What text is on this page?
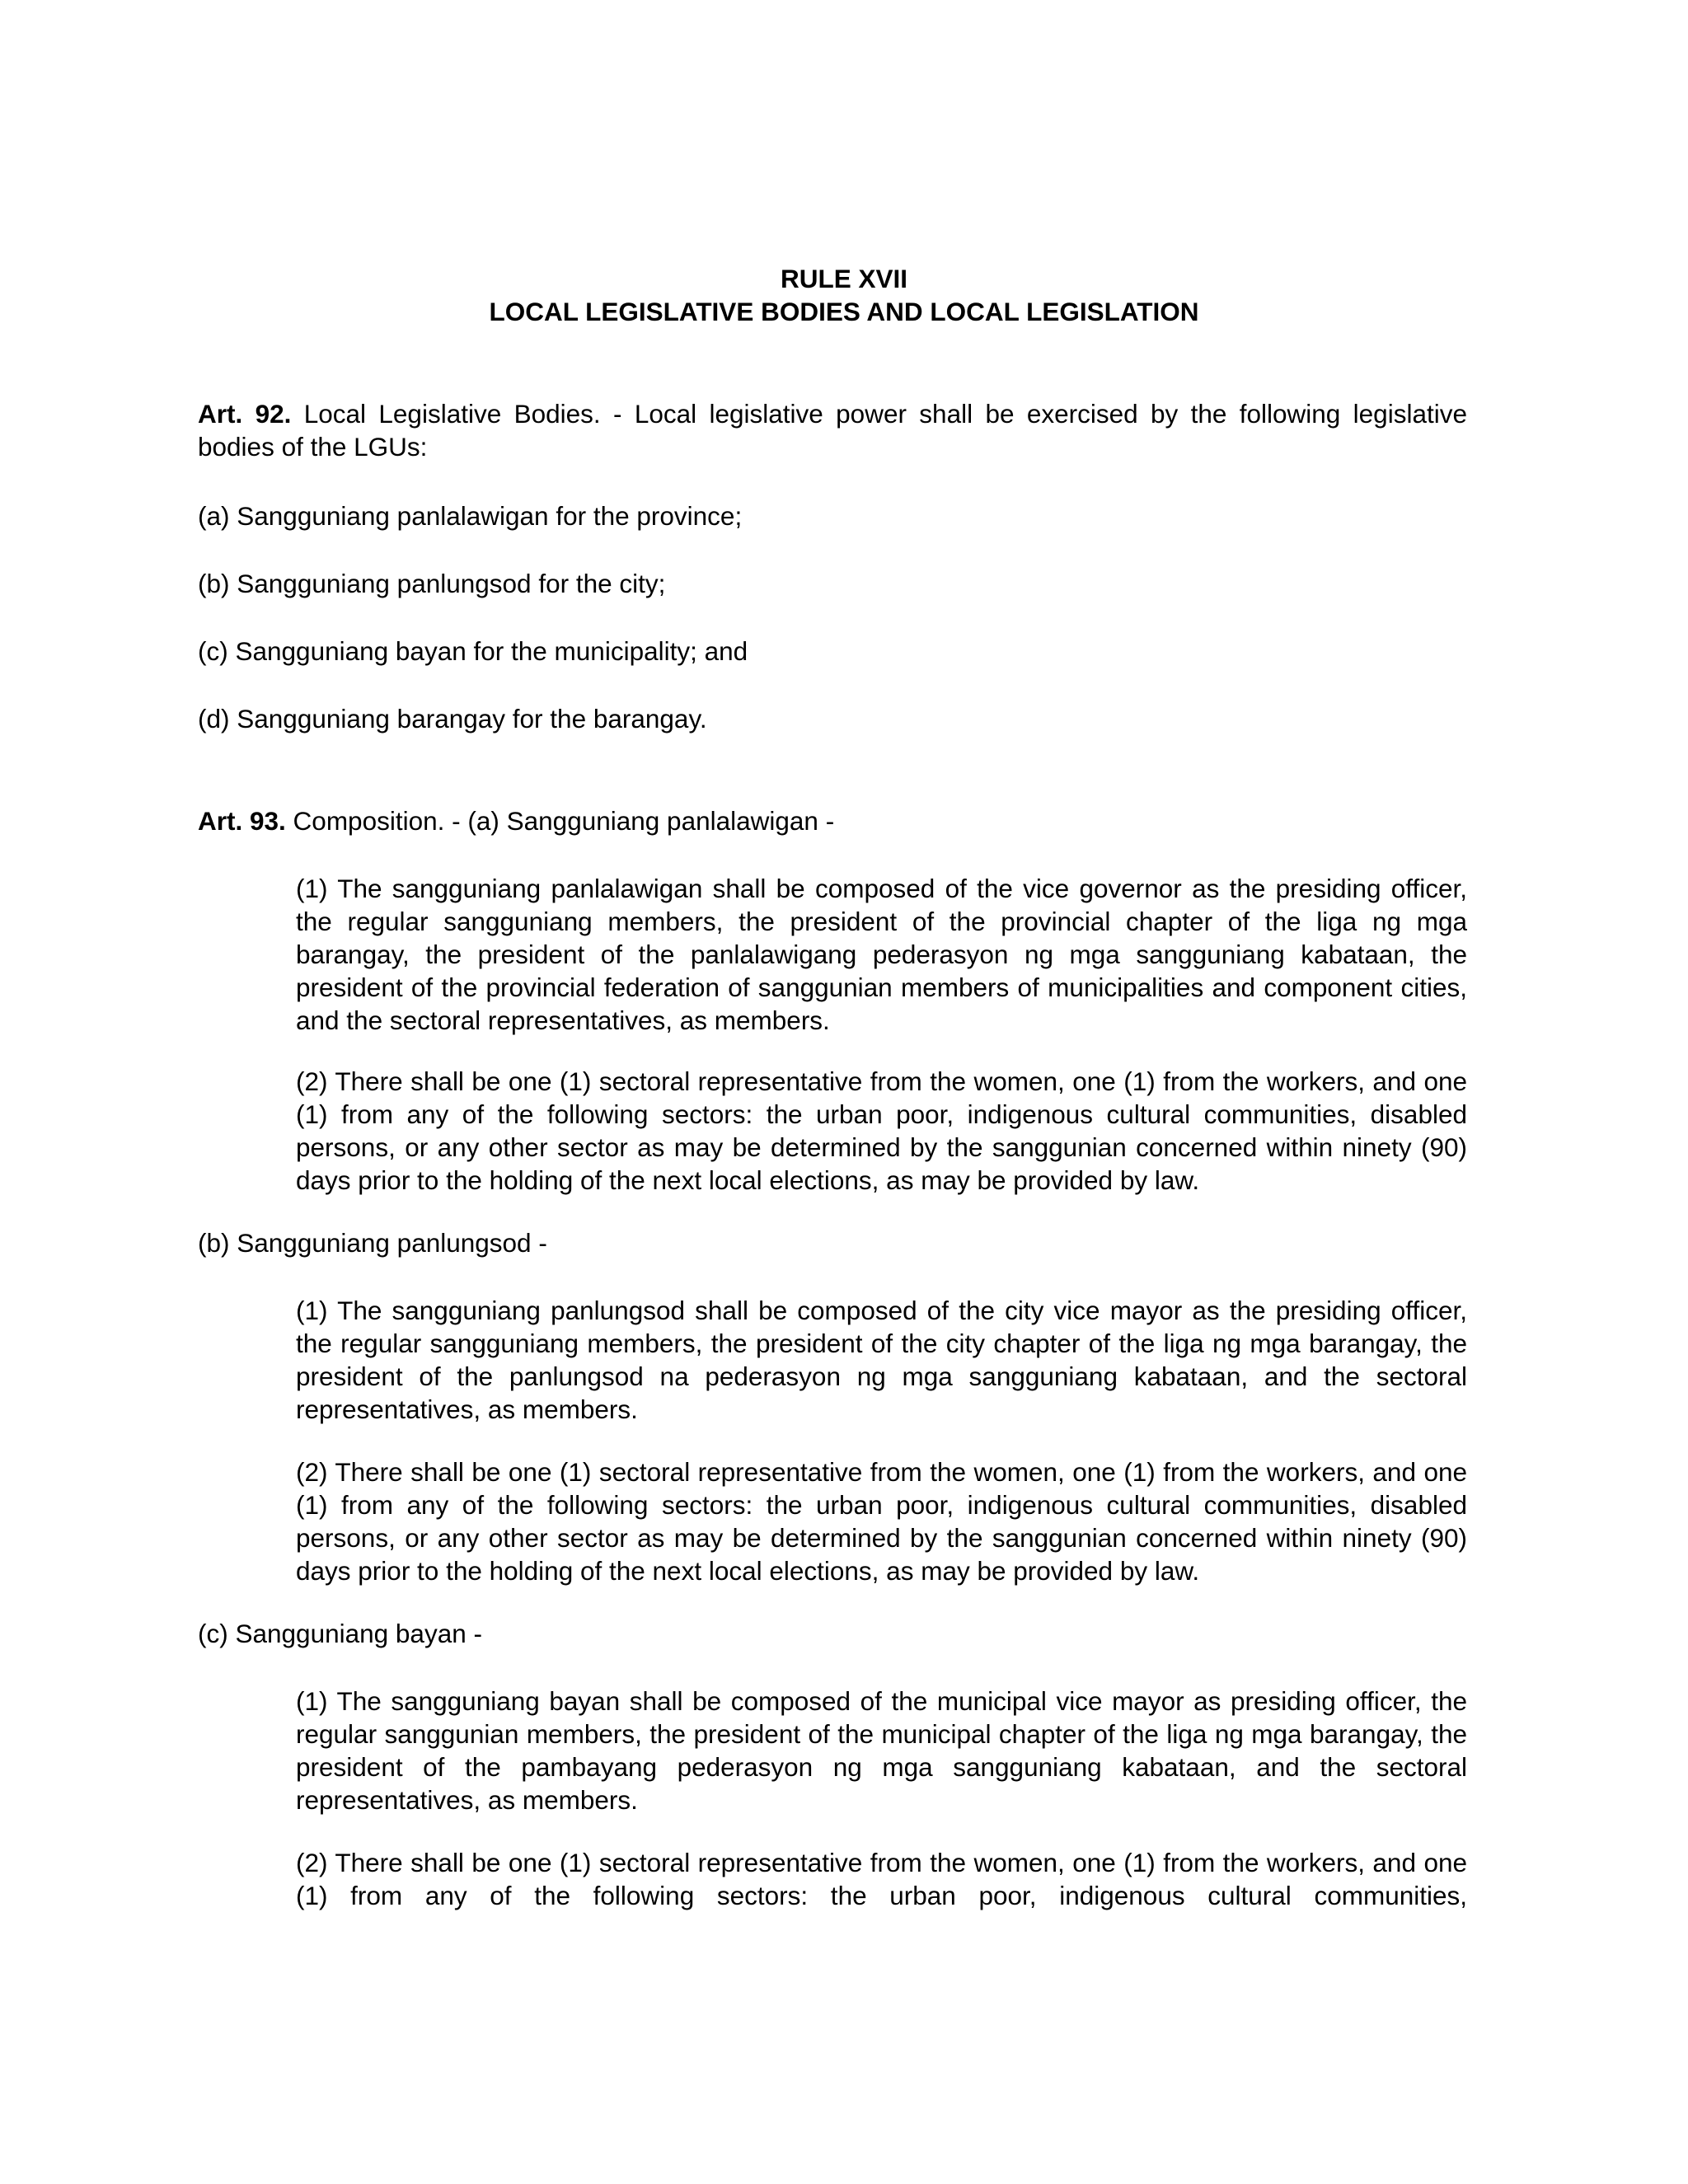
RULE XVII

LOCAL LEGISLATIVE BODIES AND LOCAL LEGISLATION

Art. 92. Local Legislative Bodies. - Local legislative power shall be exercised by the following legislative bodies of the LGUs:

(a) Sangguniang panlalawigan for the province;

(b) Sangguniang panlungsod for the city;

(c) Sangguniang bayan for the municipality; and

(d) Sangguniang barangay for the barangay.

Art. 93. Composition. - (a) Sangguniang panlalawigan -

(1) The sangguniang panlalawigan shall be composed of the vice governor as the presiding officer, the regular sangguniang members, the president of the provincial chapter of the liga ng mga barangay, the president of the panlalawigang pederasyon ng mga sangguniang kabataan, the president of the provincial federation of sanggunian members of municipalities and component cities, and the sectoral representatives, as members.

(2) There shall be one (1) sectoral representative from the women, one (1) from the workers, and one (1) from any of the following sectors: the urban poor, indigenous cultural communities, disabled persons, or any other sector as may be determined by the sanggunian concerned within ninety (90) days prior to the holding of the next local elections, as may be provided by law.

(b) Sangguniang panlungsod -

(1) The sangguniang panlungsod shall be composed of the city vice mayor as the presiding officer, the regular sangguniang members, the president of the city chapter of the liga ng mga barangay, the president of the panlungsod na pederasyon ng mga sangguniang kabataan, and the sectoral representatives, as members.

(2) There shall be one (1) sectoral representative from the women, one (1) from the workers, and one (1) from any of the following sectors: the urban poor, indigenous cultural communities, disabled persons, or any other sector as may be determined by the sanggunian concerned within ninety (90) days prior to the holding of the next local elections, as may be provided by law.

(c) Sangguniang bayan -

(1) The sangguniang bayan shall be composed of the municipal vice mayor as presiding officer, the regular sanggunian members, the president of the municipal chapter of the liga ng mga barangay, the president of the pambayang pederasyon ng mga sangguniang kabataan, and the sectoral representatives, as members.

(2) There shall be one (1) sectoral representative from the women, one (1) from the workers, and one (1) from any of the following sectors: the urban poor, indigenous cultural communities,
